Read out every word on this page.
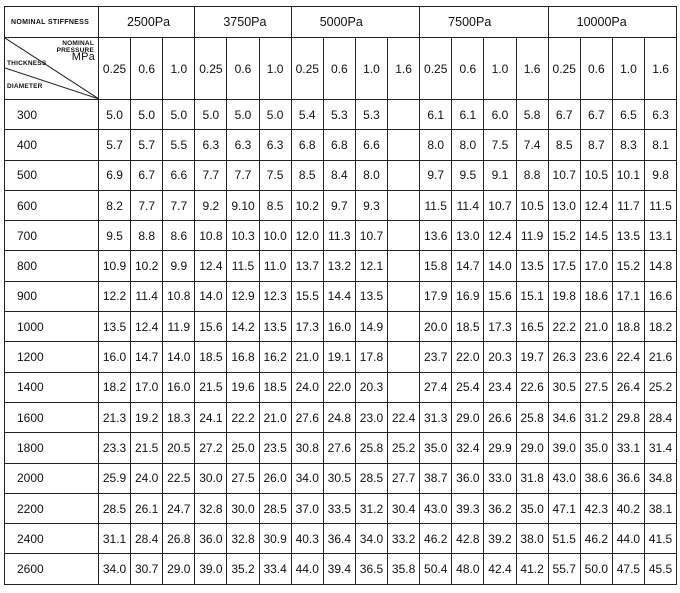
NOMINAL STIFFNESS	2500Pa			3750Pa			5000Pa				7500Pa				10000Pa			

NOMINAL
PRESSURE
MPa
THICKNESS
DIAMETER	0.25	0.6	1.0	0.25	0.6	1.0	0.25	0.6	1.0	1.6	0.25	0.6	1.0	1.6	0.25	0.6	1.0	1.6
300	5.0	5.0	5.0	5.0	5.0	5.0	5.4	5.3	5.3		6.1	6.1	6.0	5.8	6.7	6.7	6.5	6.3
400	5.7	5.7	5.5	6.3	6.3	6.3	6.8	6.8	6.6		8.0	8.0	7.5	7.4	8.5	8.7	8.3	8.1
500	6.9	6.7	6.6	7.7	7.7	7.5	8.5	8.4	8.0		9.7	9.5	9.1	8.8	10.7	10.5	10.1	9.8
600	8.2	7.7	7.7	9.2	9.10	8.5	10.2	9.7	9.3		11.5	11.4	10.7	10.5	13.0	12.4	11.7	11.5
700	9.5	8.8	8.6	10.8	10.3	10.0	12.0	11.3	10.7		13.6	13.0	12.4	11.9	15.2	14.5	13.5	13.1
800	10.9	10.2	9.9	12.4	11.5	11.0	13.7	13.2	12.1		15.8	14.7	14.0	13.5	17.5	17.0	15.2	14.8
900	12.2	11.4	10.8	14.0	12.9	12.3	15.5	14.4	13.5		17.9	16.9	15.6	15.1	19.8	18.6	17.1	16.6
1000	13.5	12.4	11.9	15.6	14.2	13.5	17.3	16.0	14.9		20.0	18.5	17.3	16.5	22.2	21.0	18.8	18.2
1200	16.0	14.7	14.0	18.5	16.8	16.2	21.0	19.1	17.8		23.7	22.0	20.3	19.7	26.3	23.6	22.4	21.6
1400	18.2	17.0	16.0	21.5	19.6	18.5	24.0	22.0	20.3		27.4	25.4	23.4	22.6	30.5	27.5	26.4	25.2
1600	21.3	19.2	18.3	24.1	22.2	21.0	27.6	24.8	23.0	22.4	31.3	29.0	26.6	25.8	34.6	31.2	29.8	28.4
1800	23.3	21.5	20.5	27.2	25.0	23.5	30.8	27.6	25.8	25.2	35.0	32.4	29.9	29.0	39.0	35.0	33.1	31.4
2000	25.9	24.0	22.5	30.0	27.5	26.0	34.0	30.5	28.5	27.7	38.7	36.0	33.0	31.8	43.0	38.6	36.6	34.8
2200	28.5	26.1	24.7	32.8	30.0	28.5	37.0	33.5	31.2	30.4	43.0	39.3	36.2	35.0	47.1	42.3	40.2	38.1
2400	31.1	28.4	26.8	36.0	32.8	30.9	40.3	36.4	34.0	33.2	46.2	42.8	39.2	38.0	51.5	46.2	44.0	41.5
2600	34.0	30.7	29.0	39.0	35.2	33.4	44.0	39.4	36.5	35.8	50.4	48.0	42.4	41.2	55.7	50.0	47.5	45.5
